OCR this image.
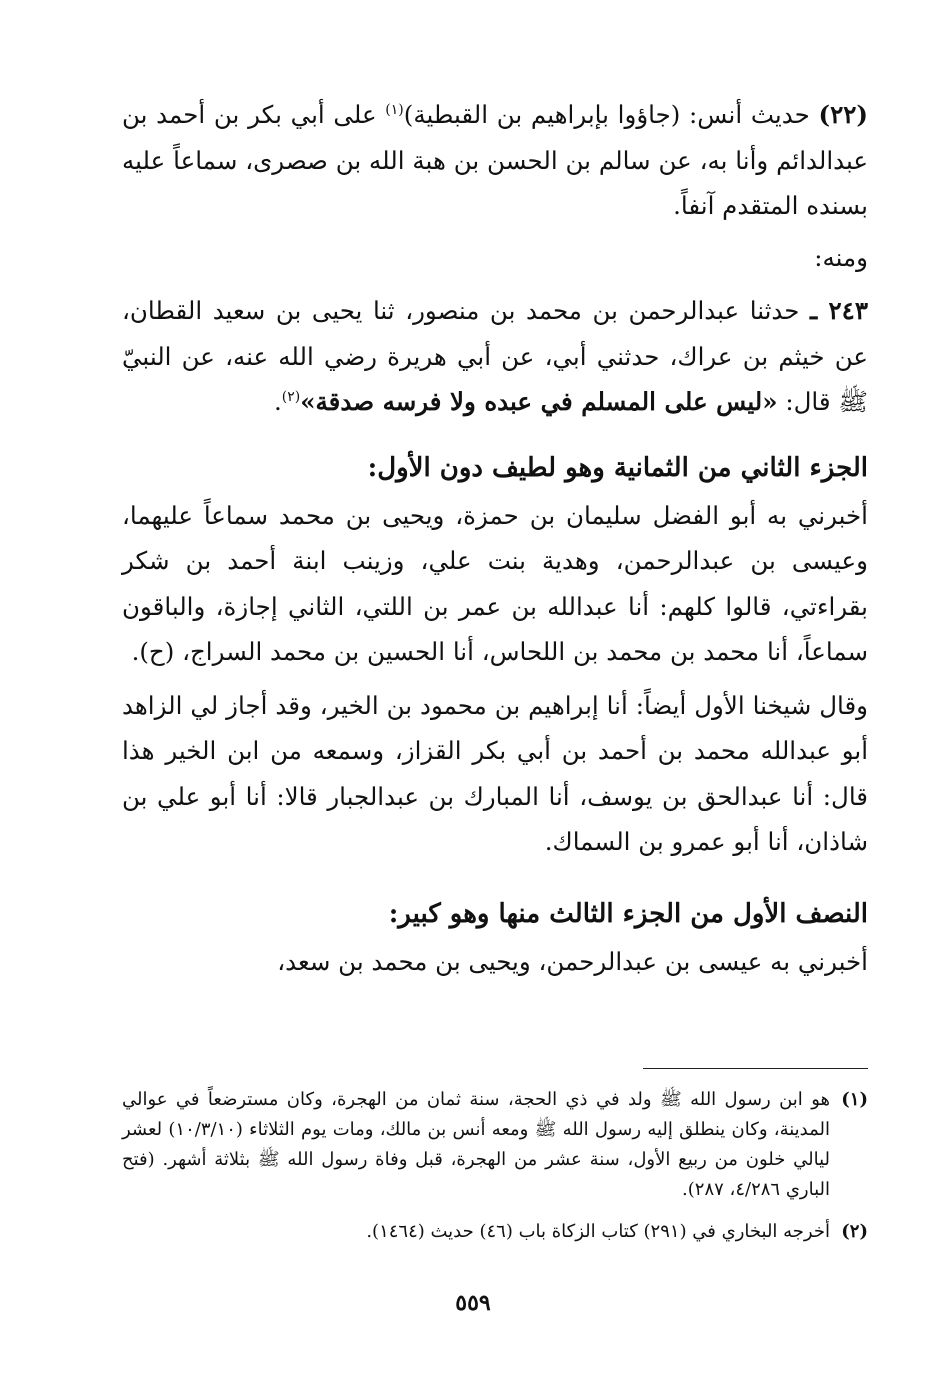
(٢٢) حديث أنس: (جاؤوا بإبراهيم بن القبطية)$^{(١)}$ على أبي بكر بن أحمد بن عبدالدائم وأنا به، عن سالم بن الحسن بن هبة الله بن صصرى، سماعاً عليه بسنده المتقدم آنفاً.

ومنه:

٢٤٣ ـ حدثنا عبدالرحمن بن محمد بن منصور، ثنا يحيى بن سعيد القطان، عن خيثم بن عراك، حدثني أبي، عن أبي هريرة رضي الله عنه، عن النبيّ ﷺ قال: «ليس على المسلم في عبده ولا فرسه صدقة»$^{(٢)}$.

الجزء الثاني من الثمانية وهو لطيف دون الأول:

أخبرني به أبو الفضل سليمان بن حمزة، ويحيى بن محمد سماعاً عليهما، وعيسى بن عبدالرحمن، وهدية بنت علي، وزينب ابنة أحمد بن شكر بقراءتي، قالوا كلهم: أنا عبدالله بن عمر بن اللتي، الثاني إجازة، والباقون سماعاً، أنا محمد بن محمد بن اللحاس، أنا الحسين بن محمد السراج، (ح).

وقال شيخنا الأول أيضاً: أنا إبراهيم بن محمود بن الخير، وقد أجاز لي الزاهد أبو عبدالله محمد بن أحمد بن أبي بكر القزاز، وسمعه من ابن الخير هذا قال: أنا عبدالحق بن يوسف، أنا المبارك بن عبدالجبار قالا: أنا أبو علي بن شاذان، أنا أبو عمرو بن السماك.

النصف الأول من الجزء الثالث منها وهو كبير:

أخبرني به عيسى بن عبدالرحمن، ويحيى بن محمد بن سعد،

(١)
هو ابن رسول الله ﷺ ولد في ذي الحجة، سنة ثمان من الهجرة، وكان مسترضعاً في عوالي المدينة، وكان ينطلق إليه رسول الله ﷺ ومعه أنس بن مالك، ومات يوم الثلاثاء (١٠/٣/١٠) لعشر ليالي خلون من ربيع الأول، سنة عشر من الهجرة، قبل وفاة رسول الله ﷺ بثلاثة أشهر. (فتح الباري ٤/٢٨٦، ٢٨٧).

(٢)
أخرجه البخاري في (٢٩١) كتاب الزكاة باب (٤٦) حديث (١٤٦٤).

٥٥٩
